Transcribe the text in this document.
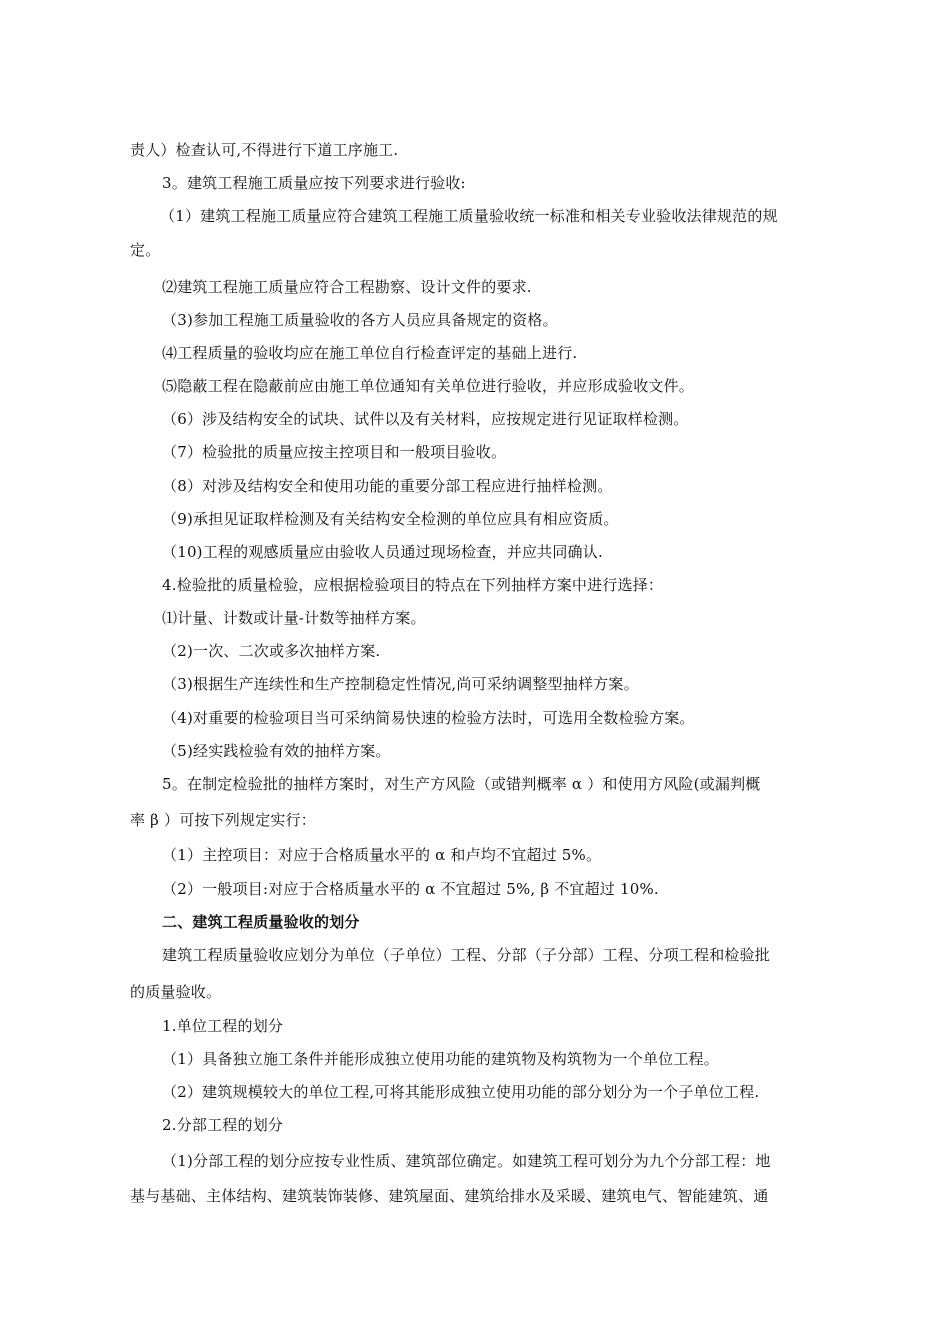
责人）检查认可,不得进行下道工序施工.
3。建筑工程施工质量应按下列要求进行验收:
（1）建筑工程施工质量应符合建筑工程施工质量验收统一标准和相关专业验收法律规范的规
定。
⑵建筑工程施工质量应符合工程勘察、设计文件的要求.
（3)参加工程施工质量验收的各方人员应具备规定的资格。
⑷工程质量的验收均应在施工单位自行检查评定的基础上进行.
⑸隐蔽工程在隐蔽前应由施工单位通知有关单位进行验收，并应形成验收文件。
（6）涉及结构安全的试块、试件以及有关材料，应按规定进行见证取样检测。
（7）检验批的质量应按主控项目和一般项目验收。
（8）对涉及结构安全和使用功能的重要分部工程应进行抽样检测。
（9)承担见证取样检测及有关结构安全检测的单位应具有相应资质。
（10)工程的观感质量应由验收人员通过现场检查，并应共同确认.
4.检验批的质量检验，应根据检验项目的特点在下列抽样方案中进行选择：
⑴计量、计数或计量-计数等抽样方案。
（2)一次、二次或多次抽样方案.
（3)根据生产连续性和生产控制稳定性情况,尚可采纳调整型抽样方案。
（4)对重要的检验项目当可采纳简易快速的检验方法时，可选用全数检验方案。
（5)经实践检验有效的抽样方案。
5。在制定检验批的抽样方案时，对生产方风险（或错判概率 α ）和使用方风险(或漏判概
率 β ）可按下列规定实行：
（1）主控项目：对应于合格质量水平的 α 和卢均不宜超过 5%。
（2）一般项目:对应于合格质量水平的 α 不宜超过 5%, β 不宜超过 10%.
二、建筑工程质量验收的划分
建筑工程质量验收应划分为单位（子单位）工程、分部（子分部）工程、分项工程和检验批
的质量验收。
1.单位工程的划分
（1）具备独立施工条件并能形成独立使用功能的建筑物及构筑物为一个单位工程。
（2）建筑规模较大的单位工程,可将其能形成独立使用功能的部分划分为一个子单位工程.
2.分部工程的划分
（1)分部工程的划分应按专业性质、建筑部位确定。如建筑工程可划分为九个分部工程：地
基与基础、主体结构、建筑装饰装修、建筑屋面、建筑给排水及采暖、建筑电气、智能建筑、通
